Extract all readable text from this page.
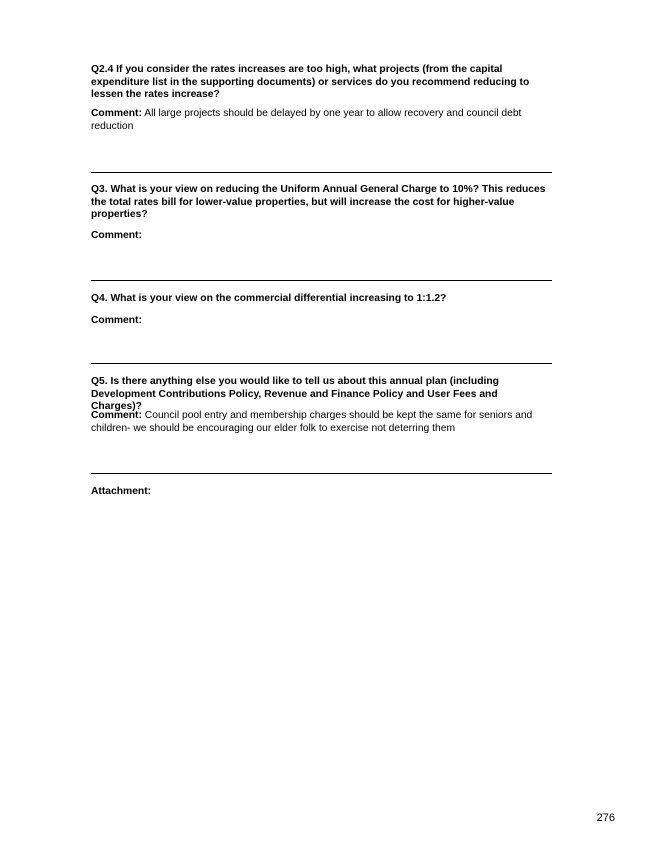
Q2.4 If you consider the rates increases are too high, what projects (from the capital expenditure list in the supporting documents) or services do you recommend reducing to lessen the rates increase?

Comment: All large projects should be delayed by one year to allow recovery and council debt reduction

Q3. What is your view on reducing the Uniform Annual General Charge to 10%? This reduces the total rates bill for lower-value properties, but will increase the cost for higher-value properties?

Comment:

Q4. What is your view on the commercial differential increasing to 1:1.2?

Comment:

Q5. Is there anything else you would like to tell us about this annual plan (including Development Contributions Policy, Revenue and Finance Policy and User Fees and Charges)?

Comment: Council pool entry and membership charges should be kept the same for seniors and children- we should be encouraging our elder folk to exercise not deterring them

Attachment:

276
